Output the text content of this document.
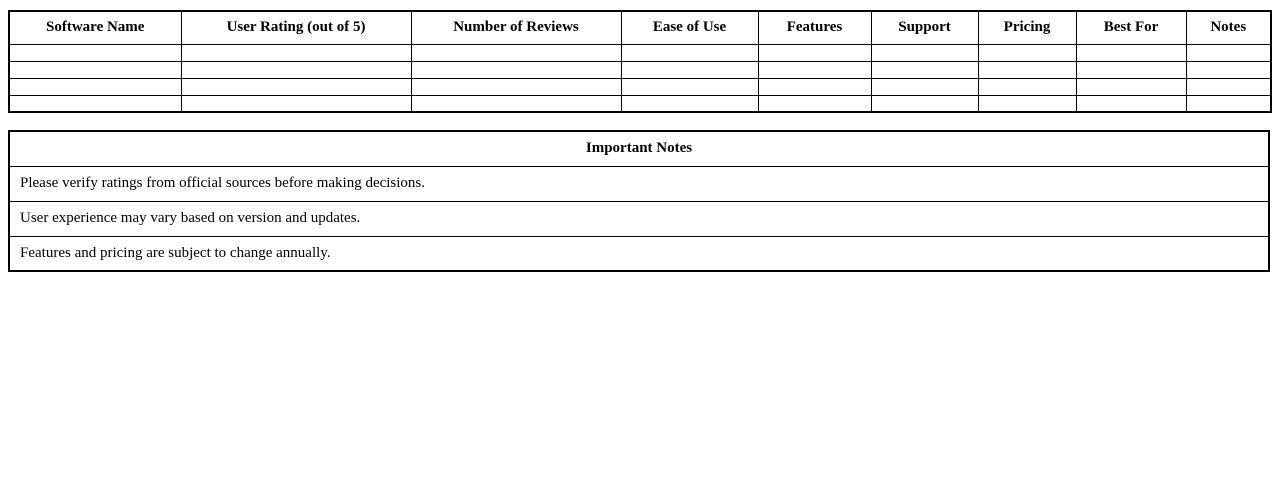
Software Name	User Rating (out of 5)	Number of Reviews	Ease of Use	Features	Support	Pricing	Best For	Notes

Important Notes
Please verify ratings from official sources before making decisions.
User experience may vary based on version and updates.
Features and pricing are subject to change annually.
